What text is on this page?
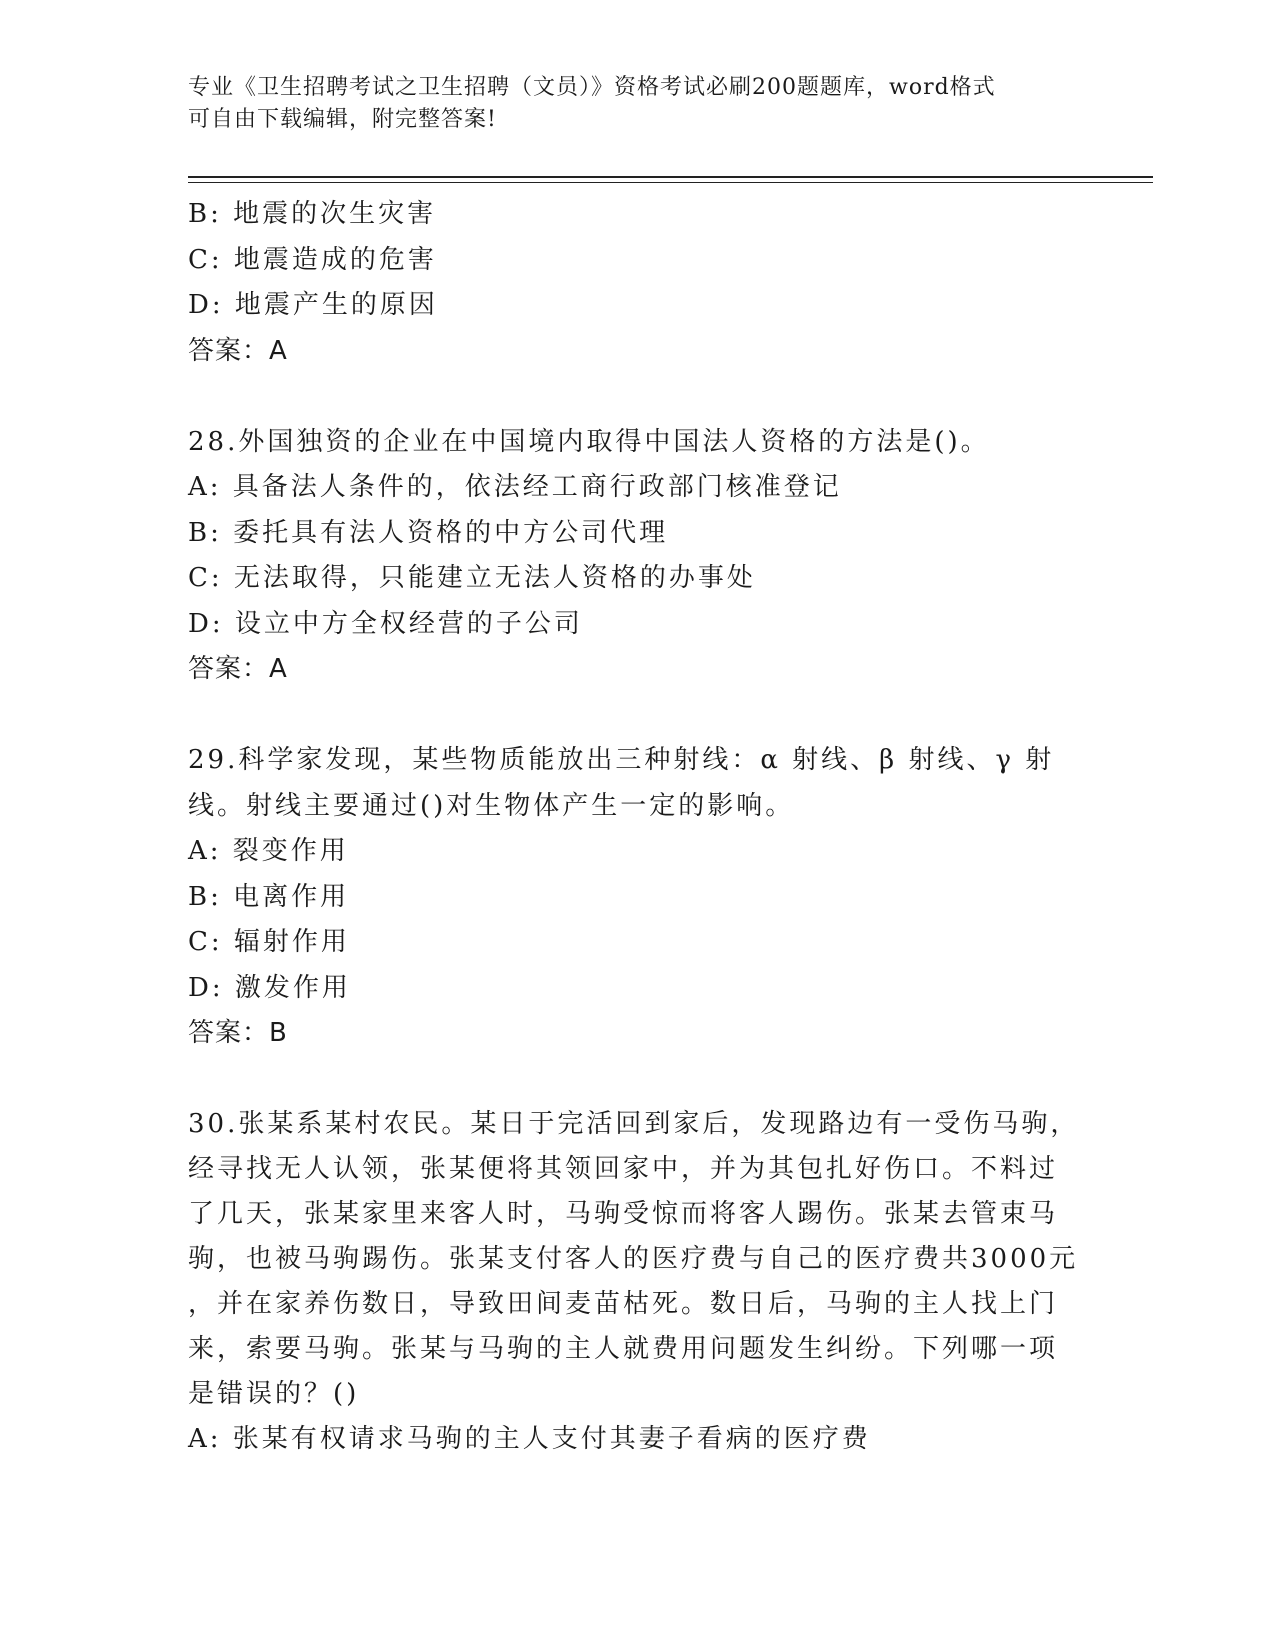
专业《卫生招聘考试之卫生招聘（文员）》资格考试必刷200题题库，word格式
可自由下载编辑，附完整答案!
B: 地震的次生灾害
C: 地震造成的危害
D: 地震产生的原因
答案：A
28.外国独资的企业在中国境内取得中国法人资格的方法是()。
A: 具备法人条件的，依法经工商行政部门核准登记
B: 委托具有法人资格的中方公司代理
C: 无法取得，只能建立无法人资格的办事处
D: 设立中方全权经营的子公司
答案：A
29.科学家发现，某些物质能放出三种射线：α 射线、β 射线、γ 射
线。射线主要通过()对生物体产生一定的影响。
A: 裂变作用
B: 电离作用
C: 辐射作用
D: 激发作用
答案：B
30.张某系某村农民。某日于完活回到家后，发现路边有一受伤马驹，
经寻找无人认领，张某便将其领回家中，并为其包扎好伤口。不料过
了几天，张某家里来客人时，马驹受惊而将客人踢伤。张某去管束马
驹，也被马驹踢伤。张某支付客人的医疗费与自己的医疗费共3000元
，并在家养伤数日，导致田间麦苗枯死。数日后，马驹的主人找上门
来，索要马驹。张某与马驹的主人就费用问题发生纠纷。下列哪一项
是错误的？()
A: 张某有权请求马驹的主人支付其妻子看病的医疗费
